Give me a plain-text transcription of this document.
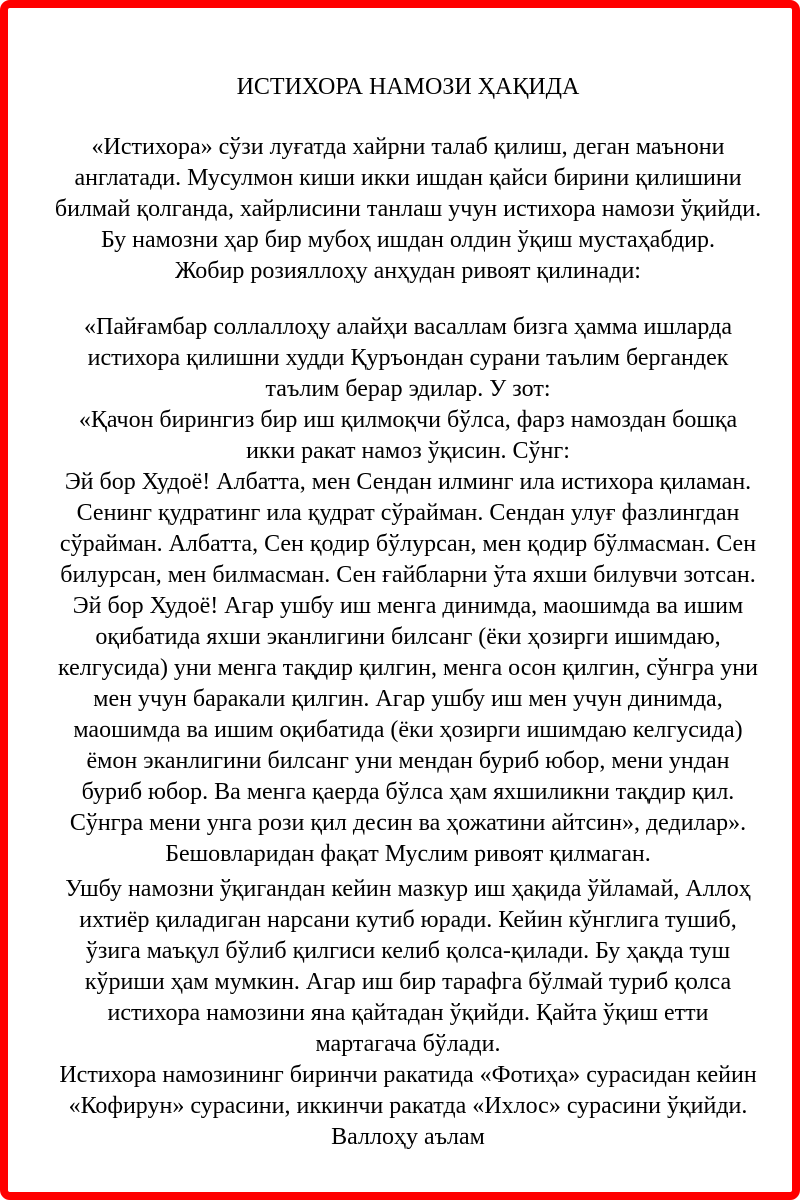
ИСТИХОРА НАМОЗИ ҲАҚИДА
«Истихора» сўзи луғатда хайрни талаб қилиш, деган маънони
англатади. Мусулмон киши икки ишдан қайси бирини қилишини
билмай қолганда, хайрлисини танлаш учун истихора намози ўқийди.
Бу намозни ҳар бир мубоҳ ишдан олдин ўқиш мустаҳабдир.
Жобир розияллоҳу анҳудан ривоят қилинади:
«Пайғамбар соллаллоҳу алайҳи васаллам бизга ҳамма ишларда
истихора қилишни худди Қуръондан сурани таълим бергандек
таълим берар эдилар. У зот:
«Қачон бирингиз бир иш қилмоқчи бўлса, фарз намоздан бошқа
икки ракат намоз ўқисин. Сўнг:
Эй бор Худоё! Албатта, мен Сендан илминг ила истихора қиламан.
Сенинг қудратинг ила қудрат сўрайман. Сендан улуғ фазлингдан
сўрайман. Албатта, Сен қодир бўлурсан, мен қодир бўлмасман. Сен
билурсан, мен билмасман. Сен ғайбларни ўта яхши билувчи зотсан.
Эй бор Худоё! Агар ушбу иш менга динимда, маошимда ва ишим
оқибатида яхши эканлигини билсанг (ёки ҳозирги ишимдаю,
келгусида) уни менга тақдир қилгин, менга осон қилгин, сўнгра уни
мен учун баракали қилгин. Агар ушбу иш мен учун динимда,
маошимда ва ишим оқибатида (ёки ҳозирги ишимдаю келгусида)
ёмон эканлигини билсанг уни мендан буриб юбор, мени ундан
буриб юбор. Ва менга қаерда бўлса ҳам яхшиликни тақдир қил.
Сўнгра мени унга рози қил десин ва ҳожатини айтсин», дедилар».
Бешовларидан фақат Муслим ривоят қилмаган.
Ушбу намозни ўқигандан кейин мазкур иш ҳақида ўйламай, Аллоҳ
ихтиёр қиладиган нарсани кутиб юради. Кейин кўнглига тушиб,
ўзига маъқул бўлиб қилгиси келиб қолса-қилади. Бу ҳақда туш
кўриши ҳам мумкин. Агар иш бир тарафга бўлмай туриб қолса
истихора намозини яна қайтадан ўқийди. Қайта ўқиш етти
мартагача бўлади.
Истихора намозининг биринчи ракатида «Фотиҳа» сурасидан кейин
«Кофирун» сурасини, иккинчи ракатда «Ихлос» сурасини ўқийди.
Валлоҳу аълам
